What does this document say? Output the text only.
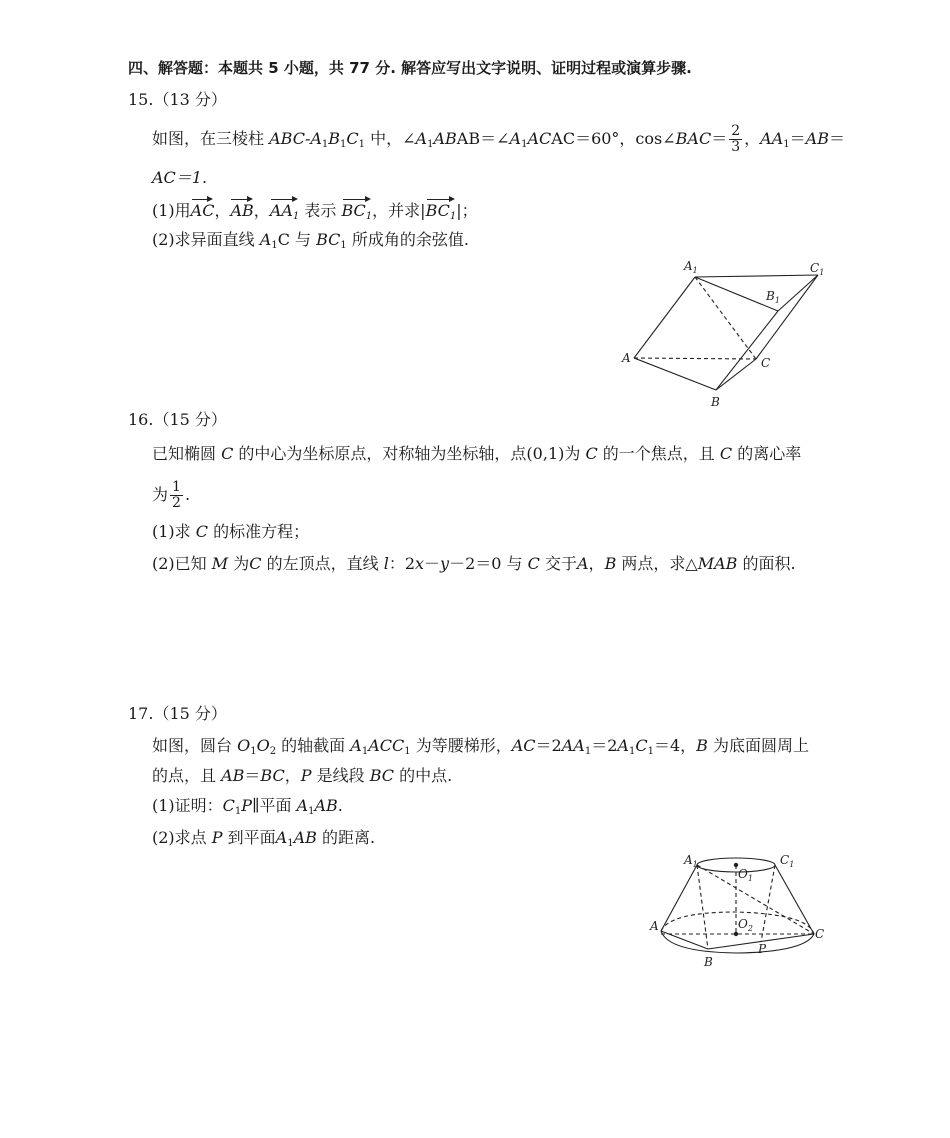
四、解答题：本题共 5 小题，共 77 分. 解答应写出文字说明、证明过程或演算步骤.
15.（13 分）
如图，在三棱柱 ABC-$A_1B_1C_1$ 中，$\angle A_1ABAB=\angle A_1ACAC=60^\circ$，cos∠BAC＝ $\frac{2}{3}$ ，$AA_1=AB=$
AC＝1.
(1)用AC，AB，$AA_1$ 表示 $BC_1$，并求$|BC_1|$；
(2)求异面直线 $A_1C$ 与 $BC_1$ 所成角的余弦值.
$A_1$	$C_1$
$B_1$
A	C
B
16.（15 分）
已知椭圆 C 的中心为坐标原点，对称轴为坐标轴，点(0,1)为 C 的一个焦点，且 C 的离心率
为 $\frac{1}{2}$ .
(1)求 C 的标准方程；
(2)已知 M 为C 的左顶点，直线 l：2x－y－2＝0 与 C 交于A，B 两点，求△MAB 的面积.
17.（15 分）
如图，圆台 $O_1O_2$ 的轴截面 $A_1ACC_1$ 为等腰梯形，$AC=2AA_1=2A_1C_1=4$，B 为底面圆周上
的点，且 AB＝BC，P 是线段 BC 的中点.
(1)证明：$C_1P\parallel$平面 $A_1AB$.
(2)求点 P 到平面$A_1AB$ 的距离.
$A_1$	$C_1$
$O_1$
$O_2$
A
C
B
P
